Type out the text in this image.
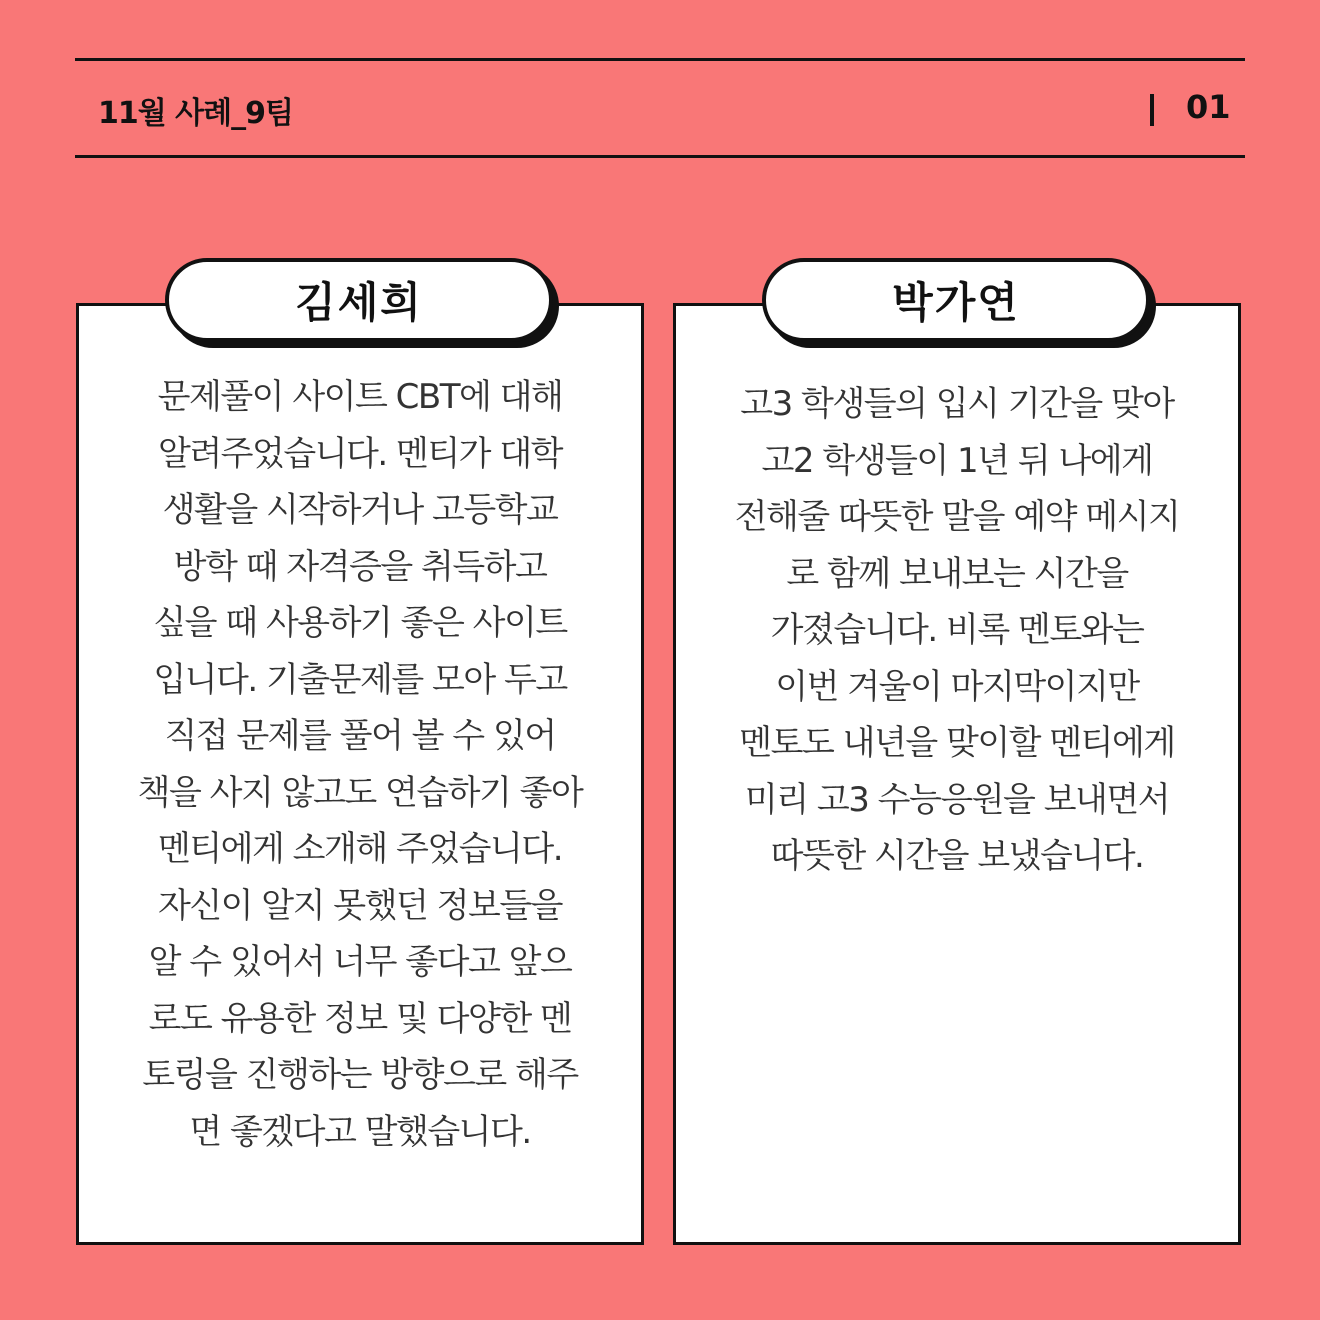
11월 사례_9팀	01
김세희
문제풀이 사이트 CBT에 대해
알려주었습니다. 멘티가 대학
생활을 시작하거나 고등학교
방학 때 자격증을 취득하고
싶을 때 사용하기 좋은 사이트
입니다. 기출문제를 모아 두고
직접 문제를 풀어 볼 수 있어
책을 사지 않고도 연습하기 좋아
멘티에게 소개해 주었습니다.
자신이 알지 못했던 정보들을
알 수 있어서 너무 좋다고 앞으
로도 유용한 정보 및 다양한 멘
토링을 진행하는 방향으로 해주
면 좋겠다고 말했습니다.
박가연
고3 학생들의 입시 기간을 맞아
고2 학생들이 1년 뒤 나에게
전해줄 따뜻한 말을 예약 메시지
로 함께 보내보는 시간을
가졌습니다. 비록 멘토와는
이번 겨울이 마지막이지만
멘토도 내년을 맞이할 멘티에게
미리 고3 수능응원을 보내면서
따뜻한 시간을 보냈습니다.
